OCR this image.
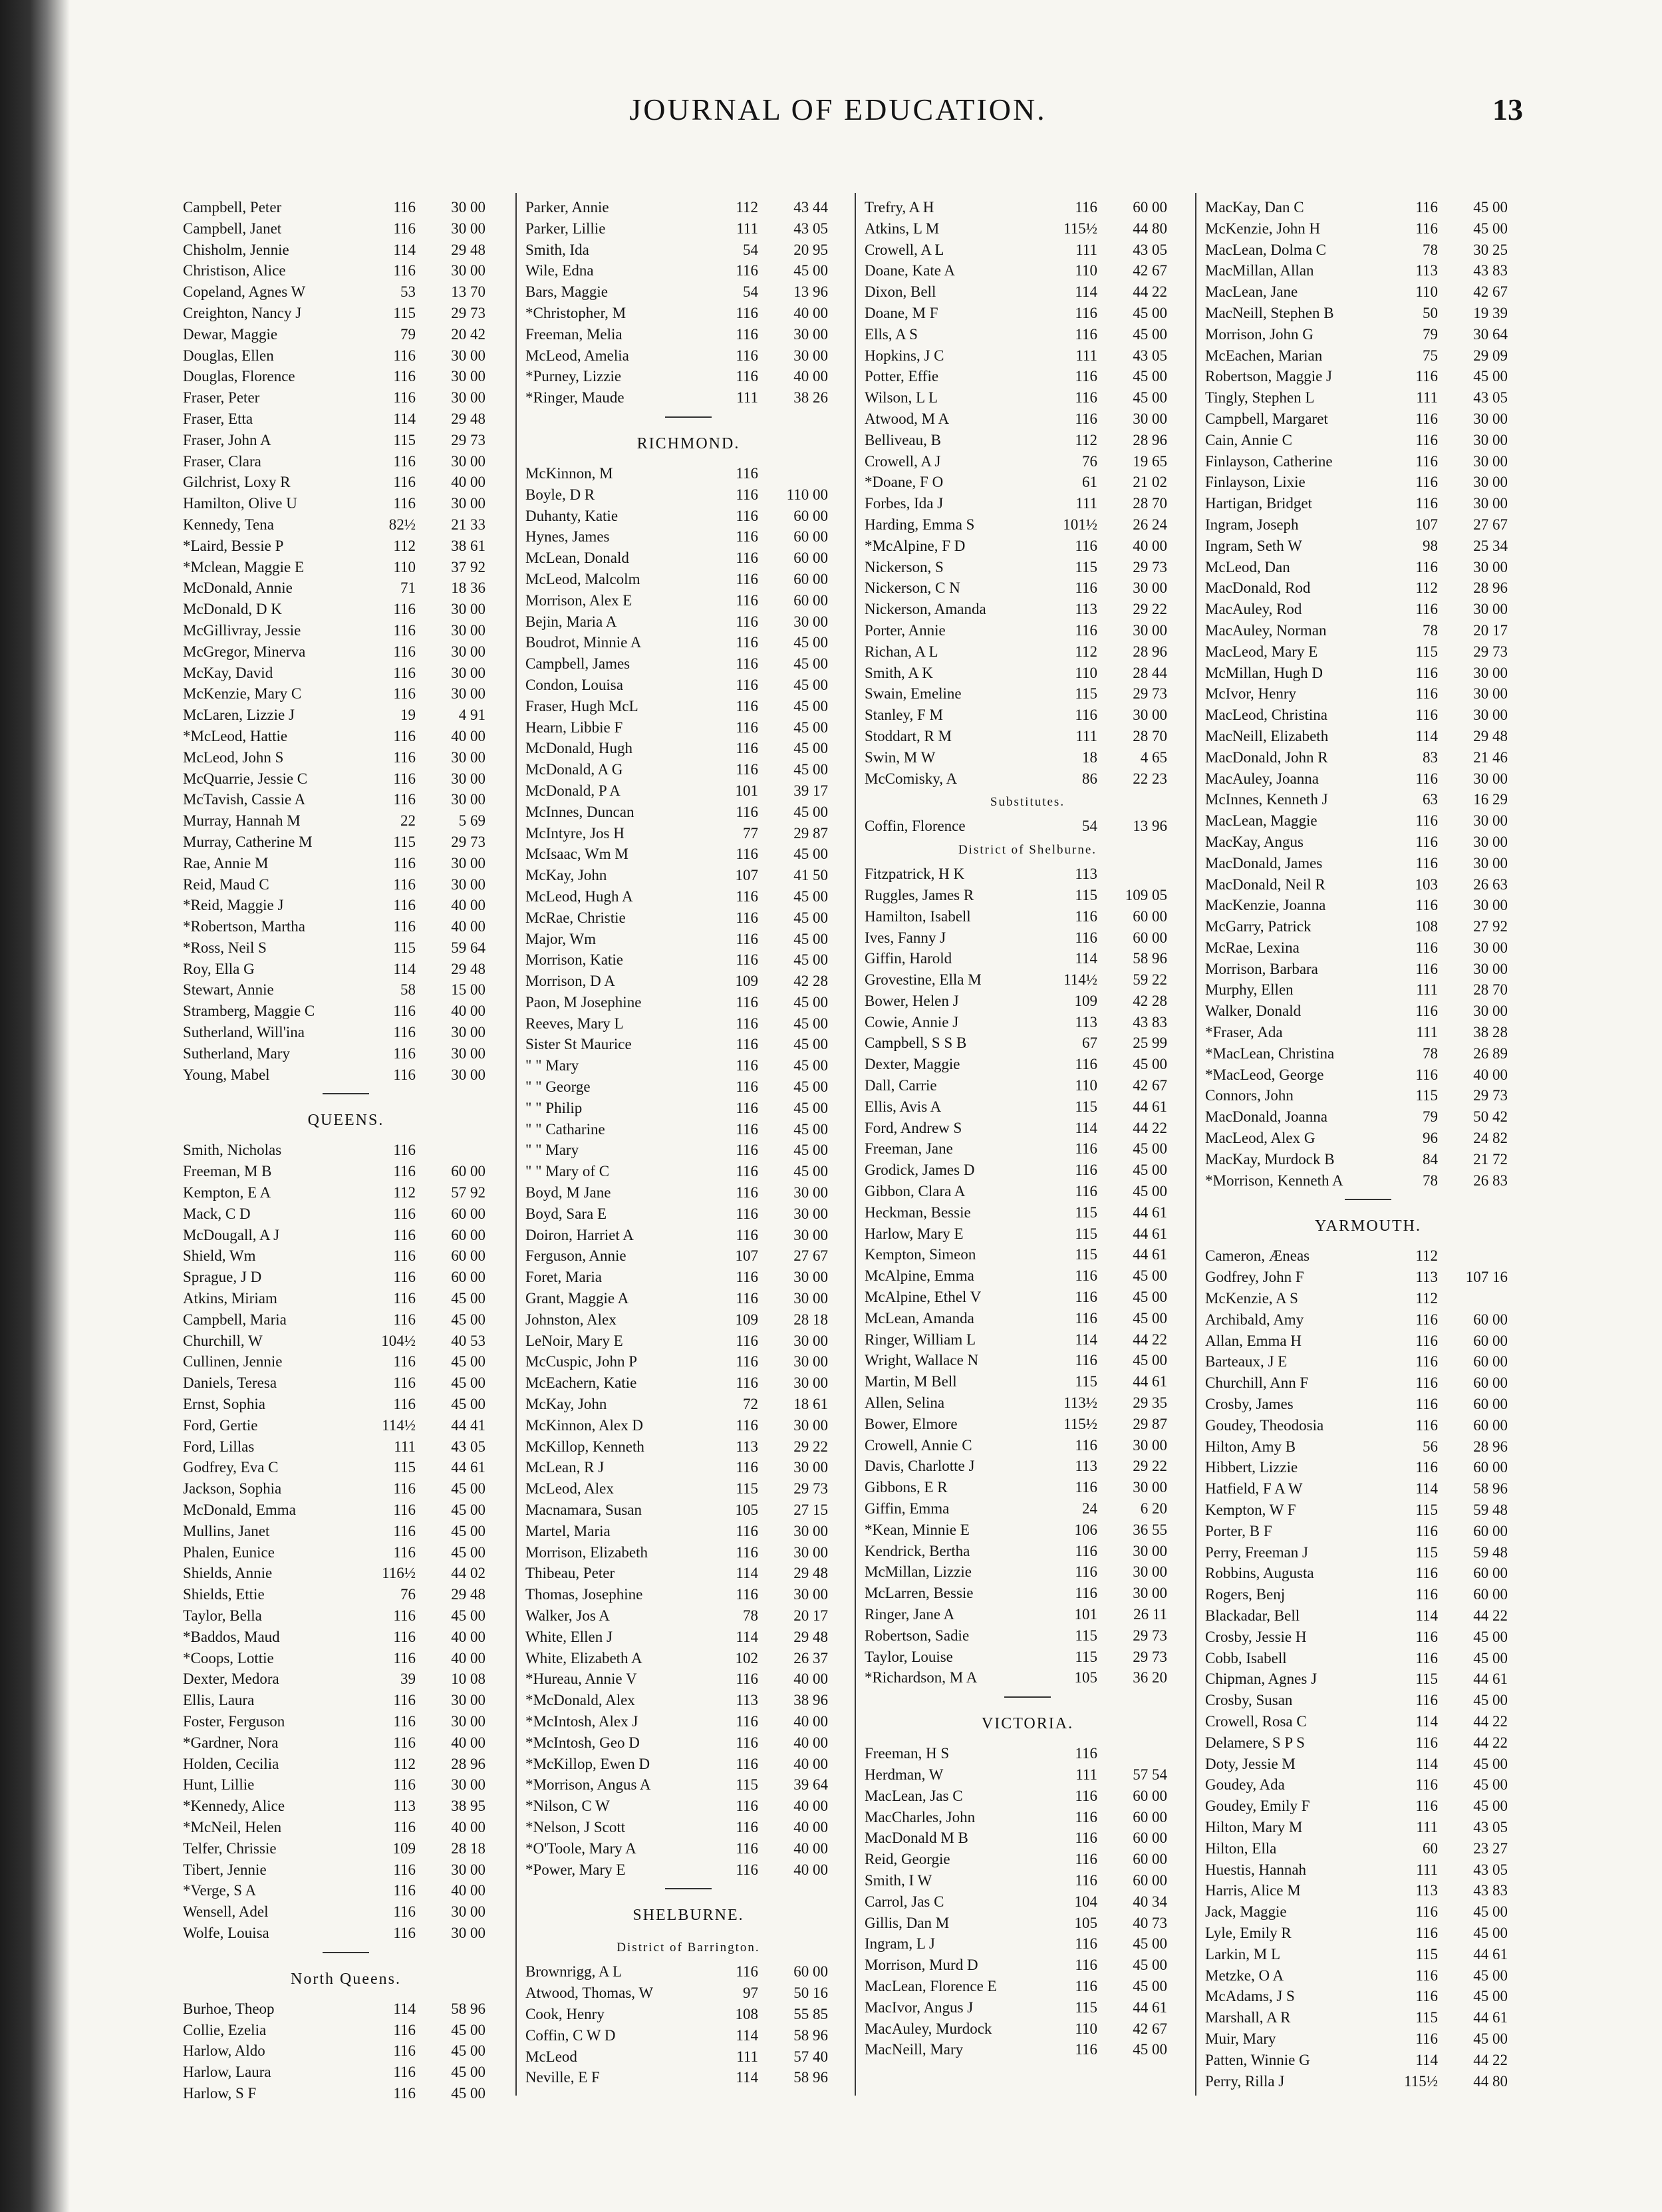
JOURNAL OF EDUCATION.	13
Campbell, Peter	116	30 00
Campbell, Janet	116	30 00
Chisholm, Jennie	114	29 48
Christison, Alice	116	30 00
Copeland, Agnes W	53	13 70
Creighton, Nancy J	115	29 73
Dewar, Maggie	79	20 42
Douglas, Ellen	116	30 00
Douglas, Florence	116	30 00
Fraser, Peter	116	30 00
Fraser, Etta	114	29 48
Fraser, John A	115	29 73
Fraser, Clara	116	30 00
Gilchrist, Loxy R	116	40 00
Hamilton, Olive U	116	30 00
Kennedy, Tena	82½	21 33
*Laird, Bessie P	112	38 61
*Mclean, Maggie E	110	37 92
McDonald, Annie	71	18 36
McDonald, D K	116	30 00
McGillivray, Jessie	116	30 00
McGregor, Minerva	116	30 00
McKay, David	116	30 00
McKenzie, Mary C	116	30 00
McLaren, Lizzie J	19	4 91
*McLeod, Hattie	116	40 00
McLeod, John S	116	30 00
McQuarrie, Jessie C	116	30 00
McTavish, Cassie A	116	30 00
Murray, Hannah M	22	5 69
Murray, Catherine M	115	29 73
Rae, Annie M	116	30 00
Reid, Maud C	116	30 00
*Reid, Maggie J	116	40 00
*Robertson, Martha	116	40 00
*Ross, Neil S	115	59 64
Roy, Ella G	114	29 48
Stewart, Annie	58	15 00
Stramberg, Maggie C	116	40 00
Sutherland, Will'ina	116	30 00
Sutherland, Mary	116	30 00
Young, Mabel	116	30 00
QUEENS.
Smith, Nicholas	116
Freeman, M B	116	60 00
Kempton, E A	112	57 92
Mack, C D	116	60 00
McDougall, A J	116	60 00
Shield, Wm	116	60 00
Sprague, J D	116	60 00
Atkins, Miriam	116	45 00
Campbell, Maria	116	45 00
Churchill, W	104½	40 53
Cullinen, Jennie	116	45 00
Daniels, Teresa	116	45 00
Ernst, Sophia	116	45 00
Ford, Gertie	114½	44 41
Ford, Lillas	111	43 05
Godfrey, Eva C	115	44 61
Jackson, Sophia	116	45 00
McDonald, Emma	116	45 00
Mullins, Janet	116	45 00
Phalen, Eunice	116	45 00
Shields, Annie	116½	44 02
Shields, Ettie	76	29 48
Taylor, Bella	116	45 00
*Baddos, Maud	116	40 00
*Coops, Lottie	116	40 00
Dexter, Medora	39	10 08
Ellis, Laura	116	30 00
Foster, Ferguson	116	30 00
*Gardner, Nora	116	40 00
Holden, Cecilia	112	28 96
Hunt, Lillie	116	30 00
*Kennedy, Alice	113	38 95
*McNeil, Helen	116	40 00
Telfer, Chrissie	109	28 18
Tibert, Jennie	116	30 00
*Verge, S A	116	40 00
Wensell, Adel	116	30 00
Wolfe, Louisa	116	30 00
North Queens.
Burhoe, Theop	114	58 96
Collie, Ezelia	116	45 00
Harlow, Aldo	116	45 00
Harlow, Laura	116	45 00
Harlow, S F	116	45 00
Parker, Annie	112	43 44
Parker, Lillie	111	43 05
Smith, Ida	54	20 95
Wile, Edna	116	45 00
Bars, Maggie	54	13 96
*Christopher, M	116	40 00
Freeman, Melia	116	30 00
McLeod, Amelia	116	30 00
*Purney, Lizzie	116	40 00
*Ringer, Maude	111	38 26
RICHMOND.
McKinnon, M	116
Boyle, D R	116	110 00
Duhanty, Katie	116	60 00
Hynes, James	116	60 00
McLean, Donald	116	60 00
McLeod, Malcolm	116	60 00
Morrison, Alex E	116	60 00
Bejin, Maria A	116	30 00
Boudrot, Minnie A	116	45 00
Campbell, James	116	45 00
Condon, Louisa	116	45 00
Fraser, Hugh McL	116	45 00
Hearn, Libbie F	116	45 00
McDonald, Hugh	116	45 00
McDonald, A G	116	45 00
McDonald, P A	101	39 17
McInnes, Duncan	116	45 00
McIntyre, Jos H	77	29 87
McIsaac, Wm M	116	45 00
McKay, John	107	41 50
McLeod, Hugh A	116	45 00
McRae, Christie	116	45 00
Major, Wm	116	45 00
Morrison, Katie	116	45 00
Morrison, D A	109	42 28
Paon, M Josephine	116	45 00
Reeves, Mary L	116	45 00
Sister St Maurice	116	45 00
" " Mary	116	45 00
" " George	116	45 00
" " Philip	116	45 00
" " Catharine	116	45 00
" " Mary	116	45 00
" " Mary of C	116	45 00
Boyd, M Jane	116	30 00
Boyd, Sara E	116	30 00
Doiron, Harriet A	116	30 00
Ferguson, Annie	107	27 67
Foret, Maria	116	30 00
Grant, Maggie A	116	30 00
Johnston, Alex	109	28 18
LeNoir, Mary E	116	30 00
McCuspic, John P	116	30 00
McEachern, Katie	116	30 00
McKay, John	72	18 61
McKinnon, Alex D	116	30 00
McKillop, Kenneth	113	29 22
McLean, R J	116	30 00
McLeod, Alex	115	29 73
Macnamara, Susan	105	27 15
Martel, Maria	116	30 00
Morrison, Elizabeth	116	30 00
Thibeau, Peter	114	29 48
Thomas, Josephine	116	30 00
Walker, Jos A	78	20 17
White, Ellen J	114	29 48
White, Elizabeth A	102	26 37
*Hureau, Annie V	116	40 00
*McDonald, Alex	113	38 96
*McIntosh, Alex J	116	40 00
*McIntosh, Geo D	116	40 00
*McKillop, Ewen D	116	40 00
*Morrison, Angus A	115	39 64
*Nilson, C W	116	40 00
*Nelson, J Scott	116	40 00
*O'Toole, Mary A	116	40 00
*Power, Mary E	116	40 00
SHELBURNE.
District of Barrington.
Brownrigg, A L	116	60 00
Atwood, Thomas, W	97	50 16
Cook, Henry	108	55 85
Coffin, C W D	114	58 96
McLeod	111	57 40
Neville, E F	114	58 96
Trefry, A H	116	60 00
Atkins, L M	115½	44 80
Crowell, A L	111	43 05
Doane, Kate A	110	42 67
Dixon, Bell	114	44 22
Doane, M F	116	45 00
Ells, A S	116	45 00
Hopkins, J C	111	43 05
Potter, Effie	116	45 00
Wilson, L L	116	45 00
Atwood, M A	116	30 00
Belliveau, B	112	28 96
Crowell, A J	76	19 65
*Doane, F O	61	21 02
Forbes, Ida J	111	28 70
Harding, Emma S	101½	26 24
*McAlpine, F D	116	40 00
Nickerson, S	115	29 73
Nickerson, C N	116	30 00
Nickerson, Amanda	113	29 22
Porter, Annie	116	30 00
Richan, A L	112	28 96
Smith, A K	110	28 44
Swain, Emeline	115	29 73
Stanley, F M	116	30 00
Stoddart, R M	111	28 70
Swin, M W	18	4 65
McComisky, A	86	22 23
Substitutes.
Coffin, Florence	54	13 96
District of Shelburne.
Fitzpatrick, H K	113
Ruggles, James R	115	109 05
Hamilton, Isabell	116	60 00
Ives, Fanny J	116	60 00
Giffin, Harold	114	58 96
Grovestine, Ella M	114½	59 22
Bower, Helen J	109	42 28
Cowie, Annie J	113	43 83
Campbell, S S B	67	25 99
Dexter, Maggie	116	45 00
Dall, Carrie	110	42 67
Ellis, Avis A	115	44 61
Ford, Andrew S	114	44 22
Freeman, Jane	116	45 00
Grodick, James D	116	45 00
Gibbon, Clara A	116	45 00
Heckman, Bessie	115	44 61
Harlow, Mary E	115	44 61
Kempton, Simeon	115	44 61
McAlpine, Emma	116	45 00
McAlpine, Ethel V	116	45 00
McLean, Amanda	116	45 00
Ringer, William L	114	44 22
Wright, Wallace N	116	45 00
Martin, M Bell	115	44 61
Allen, Selina	113½	29 35
Bower, Elmore	115½	29 87
Crowell, Annie C	116	30 00
Davis, Charlotte J	113	29 22
Gibbons, E R	116	30 00
Giffin, Emma	24	6 20
*Kean, Minnie E	106	36 55
Kendrick, Bertha	116	30 00
McMillan, Lizzie	116	30 00
McLarren, Bessie	116	30 00
Ringer, Jane A	101	26 11
Robertson, Sadie	115	29 73
Taylor, Louise	115	29 73
*Richardson, M A	105	36 20
VICTORIA.
Freeman, H S	116
Herdman, W	111	57 54
MacLean, Jas C	116	60 00
MacCharles, John	116	60 00
MacDonald M B	116	60 00
Reid, Georgie	116	60 00
Smith, I W	116	60 00
Carrol, Jas C	104	40 34
Gillis, Dan M	105	40 73
Ingram, L J	116	45 00
Morrison, Murd D	116	45 00
MacLean, Florence E	116	45 00
MacIvor, Angus J	115	44 61
MacAuley, Murdock	110	42 67
MacNeill, Mary	116	45 00
MacKay, Dan C	116	45 00
McKenzie, John H	116	45 00
MacLean, Dolma C	78	30 25
MacMillan, Allan	113	43 83
MacLean, Jane	110	42 67
MacNeill, Stephen B	50	19 39
Morrison, John G	79	30 64
McEachen, Marian	75	29 09
Robertson, Maggie J	116	45 00
Tingly, Stephen L	111	43 05
Campbell, Margaret	116	30 00
Cain, Annie C	116	30 00
Finlayson, Catherine	116	30 00
Finlayson, Lixie	116	30 00
Hartigan, Bridget	116	30 00
Ingram, Joseph	107	27 67
Ingram, Seth W	98	25 34
McLeod, Dan	116	30 00
MacDonald, Rod	112	28 96
MacAuley, Rod	116	30 00
MacAuley, Norman	78	20 17
MacLeod, Mary E	115	29 73
McMillan, Hugh D	116	30 00
McIvor, Henry	116	30 00
MacLeod, Christina	116	30 00
MacNeill, Elizabeth	114	29 48
MacDonald, John R	83	21 46
MacAuley, Joanna	116	30 00
McInnes, Kenneth J	63	16 29
MacLean, Maggie	116	30 00
MacKay, Angus	116	30 00
MacDonald, James	116	30 00
MacDonald, Neil R	103	26 63
MacKenzie, Joanna	116	30 00
McGarry, Patrick	108	27 92
McRae, Lexina	116	30 00
Morrison, Barbara	116	30 00
Murphy, Ellen	111	28 70
Walker, Donald	116	30 00
*Fraser, Ada	111	38 28
*MacLean, Christina	78	26 89
*MacLeod, George	116	40 00
Connors, John	115	29 73
MacDonald, Joanna	79	50 42
MacLeod, Alex G	96	24 82
MacKay, Murdock B	84	21 72
*Morrison, Kenneth A	78	26 83
YARMOUTH.
Cameron, Æneas	112
Godfrey, John F	113	107 16
McKenzie, A S	112
Archibald, Amy	116	60 00
Allan, Emma H	116	60 00
Barteaux, J E	116	60 00
Churchill, Ann F	116	60 00
Crosby, James	116	60 00
Goudey, Theodosia	116	60 00
Hilton, Amy B	56	28 96
Hibbert, Lizzie	116	60 00
Hatfield, F A W	114	58 96
Kempton, W F	115	59 48
Porter, B F	116	60 00
Perry, Freeman J	115	59 48
Robbins, Augusta	116	60 00
Rogers, Benj	116	60 00
Blackadar, Bell	114	44 22
Crosby, Jessie H	116	45 00
Cobb, Isabell	116	45 00
Chipman, Agnes J	115	44 61
Crosby, Susan	116	45 00
Crowell, Rosa C	114	44 22
Delamere, S P S	116	44 22
Doty, Jessie M	114	45 00
Goudey, Ada	116	45 00
Goudey, Emily F	116	45 00
Hilton, Mary M	111	43 05
Hilton, Ella	60	23 27
Huestis, Hannah	111	43 05
Harris, Alice M	113	43 83
Jack, Maggie	116	45 00
Lyle, Emily R	116	45 00
Larkin, M L	115	44 61
Metzke, O A	116	45 00
McAdams, J S	116	45 00
Marshall, A R	115	44 61
Muir, Mary	116	45 00
Patten, Winnie G	114	44 22
Perry, Rilla J	115½	44 80
